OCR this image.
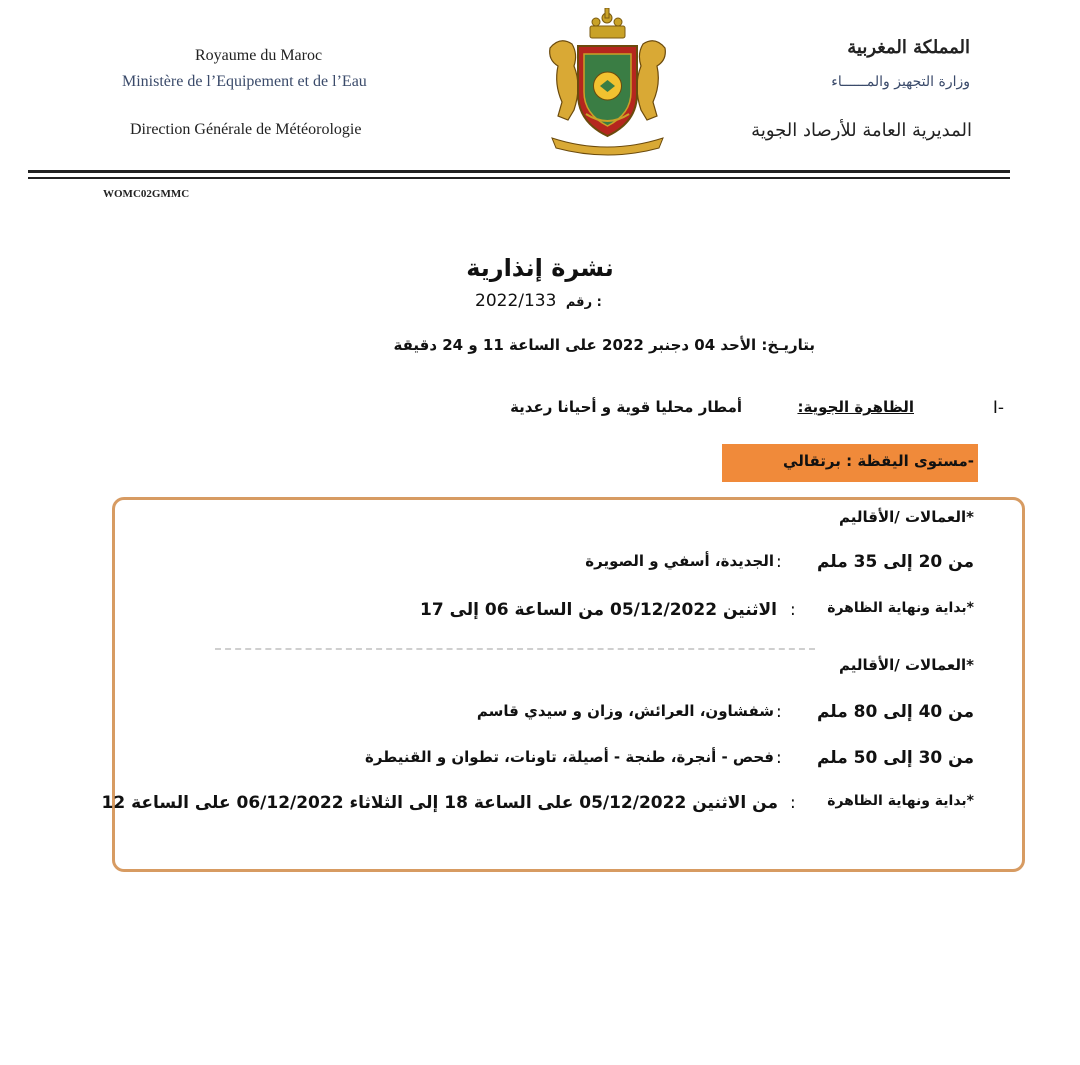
Royaume du Maroc
Ministère de l’Equipement et de l’Eau
Direction Générale de Météorologie
المملكة المغربية
وزارة التجهيز والمــــــاء
المديرية العامة للأرصاد الجوية
WOMC02GMMC
نشرة إنذارية
2022/133 رقم :
بتاريـخ: الأحد 04 دجنبر 2022 على الساعة 11 و 24 دقيقة
I-
الظاهرة الجوية:
أمطار محليا قوية و أحيانا رعدية
-مستوى اليقظة : برتقالي
*العمالات /الأقاليم
من 20 إلى 35 ملم
:
الجديدة، أسفي و الصويرة
*بداية ونهاية الظاهرة
:
الاثنين 05/12/2022 من الساعة 06 إلى 17
*العمالات /الأقاليم
من 40 إلى 80 ملم
:
شفشاون، العرائش، وزان و سيدي قاسم
من 30 إلى 50 ملم
:
فحص - أنجرة، طنجة - أصيلة، تاونات، تطوان و القنيطرة
*بداية ونهاية الظاهرة
:
من الاثنين 05/12/2022 على الساعة 18 إلى الثلاثاء 06/12/2022 على الساعة 12
